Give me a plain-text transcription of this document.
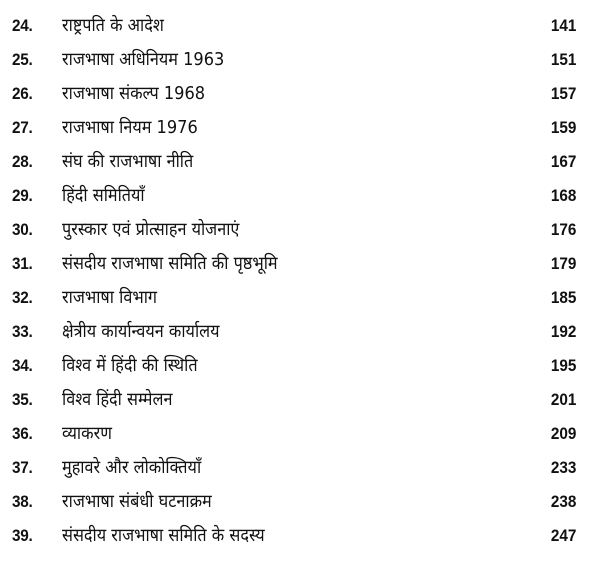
24. राष्ट्रपति के आदेश	141
25. राजभाषा अधिनियम 1963	151
26. राजभाषा संकल्प 1968	157
27. राजभाषा नियम 1976	159
28. संघ की राजभाषा नीति	167
29. हिंदी समितियाँ	168
30. पुरस्कार एवं प्रोत्साहन योजनाएं	176
31. संसदीय राजभाषा समिति की पृष्ठभूमि	179
32. राजभाषा विभाग	185
33. क्षेत्रीय कार्यान्वयन कार्यालय	192
34. विश्व में हिंदी की स्थिति	195
35. विश्व हिंदी सम्मेलन	201
36. व्याकरण	209
37. मुहावरे और लोकोक्तियाँ	233
38. राजभाषा संबंधी घटनाक्रम	238
39. संसदीय राजभाषा समिति के सदस्य	247
